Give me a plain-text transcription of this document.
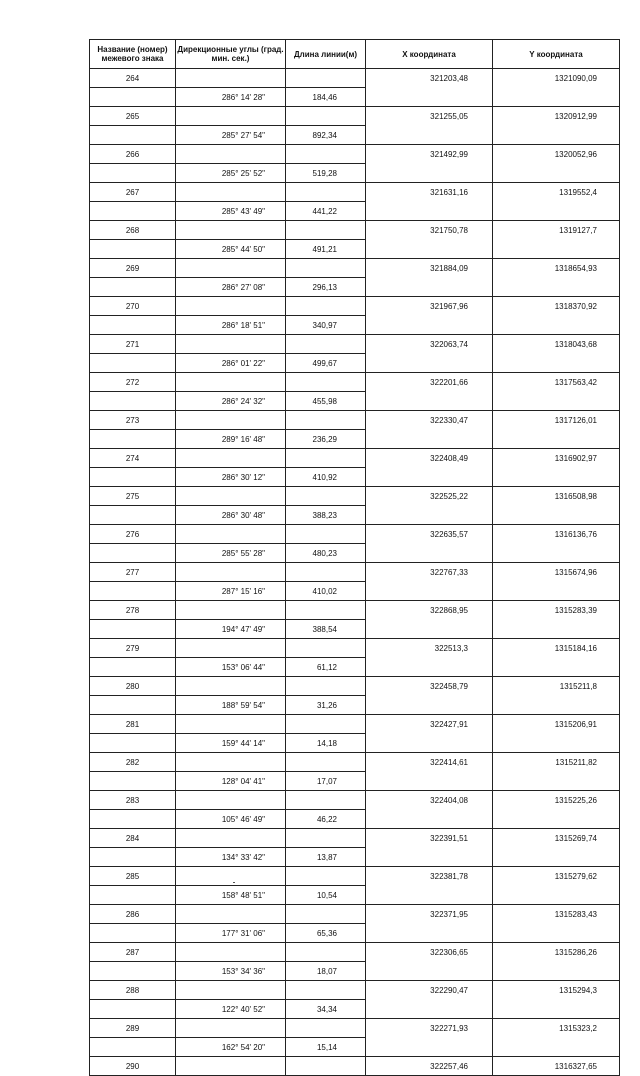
Название (номер) межевого знака	Дирекционные углы (град. мин. сек.)	Длина линии(м)	X координата	Y координата
264			321203,48	1321090,09
	286° 14' 28"	184,46		
265			321255,05	1320912,99
	285° 27' 54"	892,34		
266			321492,99	1320052,96
	285° 25' 52"	519,28		
267			321631,16	1319552,4
	285° 43' 49"	441,22		
268			321750,78	1319127,7
	285° 44' 50"	491,21		
269			321884,09	1318654,93
	286° 27' 08"	296,13		
270			321967,96	1318370,92
	286° 18' 51"	340,97		
271			322063,74	1318043,68
	286° 01' 22"	499,67		
272			322201,66	1317563,42
	286° 24' 32"	455,98		
273			322330,47	1317126,01
	289° 16' 48"	236,29		
274			322408,49	1316902,97
	286° 30' 12"	410,92		
275			322525,22	1316508,98
	286° 30' 48"	388,23		
276			322635,57	1316136,76
	285° 55' 28"	480,23		
277			322767,33	1315674,96
	287° 15' 16"	410,02		
278			322868,95	1315283,39
	194° 47' 49"	388,54		
279			322513,3	1315184,16
	153° 06' 44"	61,12		
280			322458,79	1315211,8
	188° 59' 54"	31,26		
281			322427,91	1315206,91
	159° 44' 14"	14,18		
282			322414,61	1315211,82
	128° 04' 41"	17,07		
283			322404,08	1315225,26
	105° 46' 49"	46,22		
284			322391,51	1315269,74
	134° 33' 42"	13,87		
285			322381,78	1315279,62
	158° 48' 51"	10,54		
286			322371,95	1315283,43
	177° 31' 06"	65,36		
287			322306,65	1315286,26
	153° 34' 36"	18,07		
288			322290,47	1315294,3
	122° 40' 52"	34,34		
289			322271,93	1315323,2
	162° 54' 20"	15,14		
290			322257,46	1316327,65
